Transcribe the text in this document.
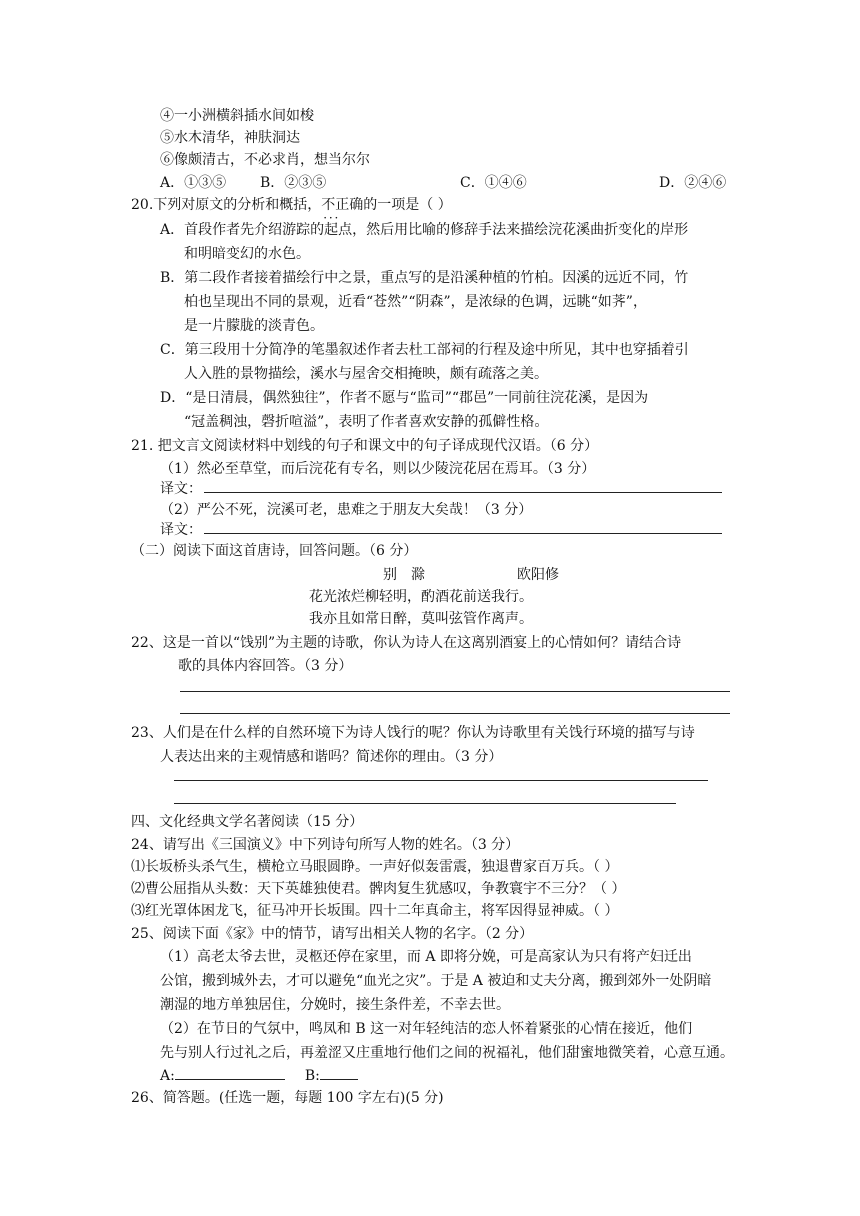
④一小洲横斜插水间如梭
⑤水木清华，神肤洞达
⑥像颇清古，不必求肖，想当尔尔
A．①③⑤ B．②③⑤	C．①④⑥	D．②④⑥
20.下列对原文的分析和概括，不正确 · ·的一项是（ ）
A．首段作者先介绍游踪的起点，然后用比喻的修辞手法来描绘浣花溪曲折变化的岸形
和明暗变幻的水色。
B．第二段作者接着描绘行中之景，重点写的是沿溪种植的竹柏。因溪的远近不同，竹
柏也呈现出不同的景观，近看“苍然”“阴森”，是浓绿的色调，远眺“如荠”，
是一片朦胧的淡青色。
C．第三段用十分简净的笔墨叙述作者去杜工部祠的行程及途中所见，其中也穿插着引
人入胜的景物描绘，溪水与屋舍交相掩映，颇有疏落之美。
D．“是日清晨，偶然独往”，作者不愿与“监司”“郡邑”一同前往浣花溪，是因为
“冠盖稠浊，磬折喧溢”，表明了作者喜欢安静的孤僻性格。
21. 把文言文阅读材料中划线的句子和课文中的句子译成现代汉语。（6 分）
（1）然必至草堂，而后浣花有专名，则以少陵浣花居在焉耳。（3 分）
译文：
（2）严公不死，浣溪可老，患难之于朋友大矣哉！（3 分）
译文：
（二）阅读下面这首唐诗，回答问题。（6 分）
别　滁	欧阳修
花光浓烂柳轻明，酌酒花前送我行。
我亦且如常日醉，莫叫弦管作离声。
22、这是一首以“饯别”为主题的诗歌，你认为诗人在这离别酒宴上的心情如何？请结合诗
歌的具体内容回答。（3 分）
23、人们是在什么样的自然环境下为诗人饯行的呢？你认为诗歌里有关饯行环境的描写与诗
人表达出来的主观情感和谐吗？简述你的理由。（3 分）
四、文化经典文学名著阅读（15 分）
24、请写出《三国演义》中下列诗句所写人物的姓名。（3 分）
⑴长坂桥头杀气生，横枪立马眼圆睁。一声好似轰雷震，独退曹家百万兵。（ ）
⑵曹公屈指从头数：天下英雄独使君。髀肉复生犹感叹，争教寰宇不三分？（ ）
⑶红光罩体困龙飞，征马冲开长坂围。四十二年真命主，将军因得显神威。（ ）
25、阅读下面《家》中的情节，请写出相关人物的名字。（2 分）
（1）高老太爷去世，灵柩还停在家里，而 A 即将分娩，可是高家认为只有将产妇迁出
公馆，搬到城外去，才可以避免“血光之灾”。于是 A 被迫和丈夫分离，搬到郊外一处阴暗
潮湿的地方单独居住，分娩时，接生条件差，不幸去世。
（2）在节日的气氛中，鸣凤和 B 这一对年轻纯洁的恋人怀着紧张的心情在接近，他们
先与别人行过礼之后，再羞涩又庄重地行他们之间的祝福礼，他们甜蜜地微笑着，心意互通。
A:	B:
26、简答题。(任选一题，每题 100 字左右)(5 分)
